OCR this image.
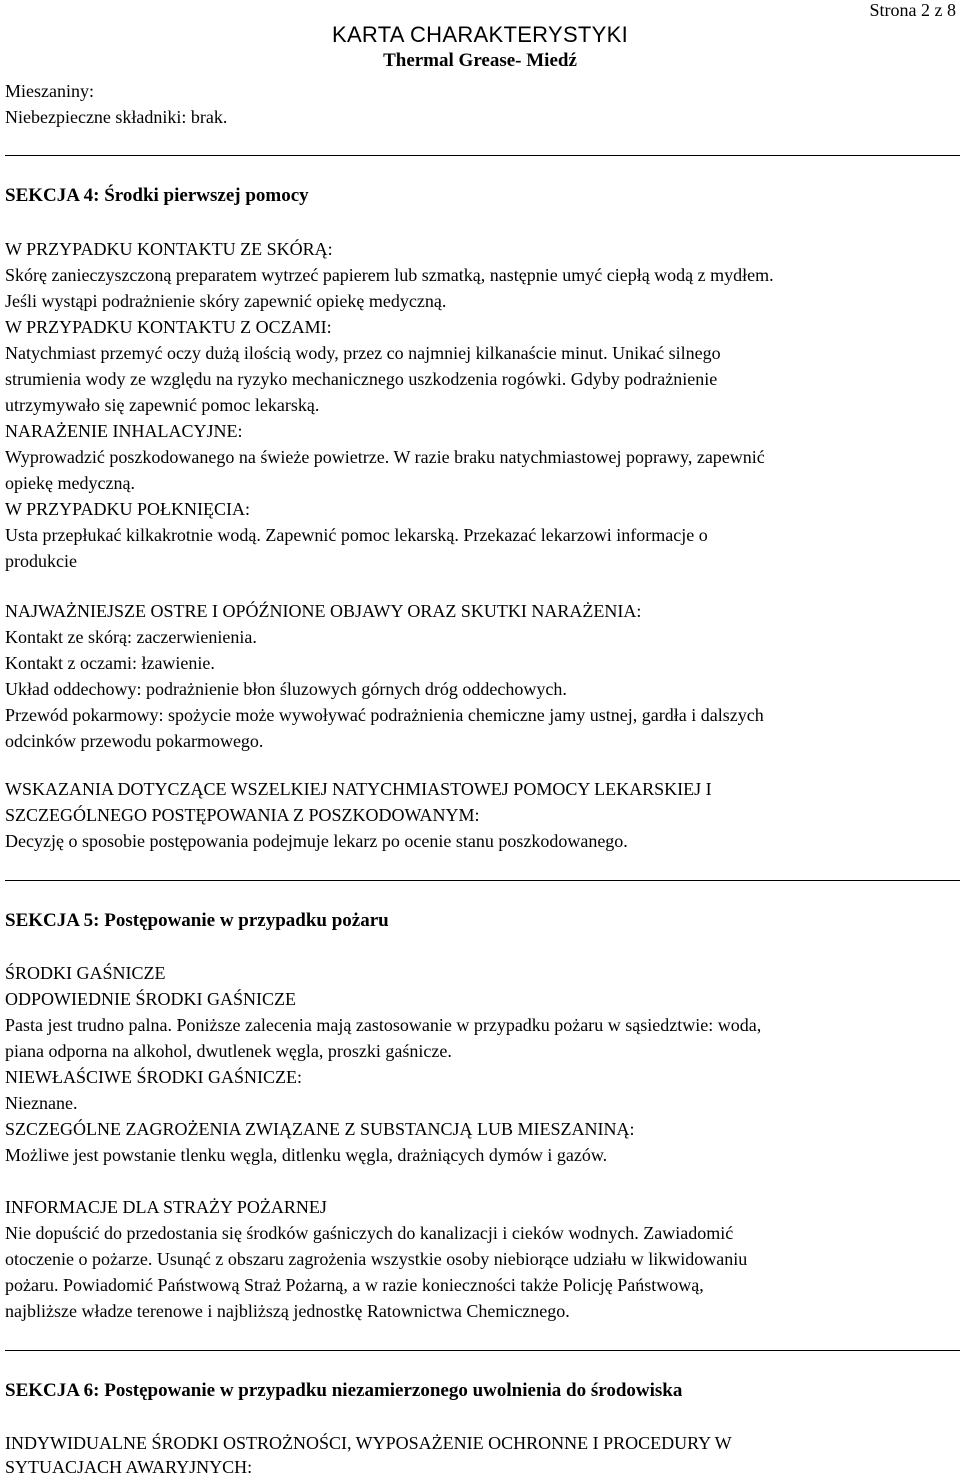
Strona 2 z 8
KARTA CHARAKTERYSTYKI
Thermal Grease- Miedź
Mieszaniny:
Niebezpieczne składniki: brak.
SEKCJA 4: Środki pierwszej pomocy
W PRZYPADKU KONTAKTU ZE SKÓRĄ:
Skórę zanieczyszczoną preparatem wytrzeć papierem lub szmatką, następnie umyć ciepłą wodą z mydłem.
Jeśli wystąpi podrażnienie skóry zapewnić opiekę medyczną.
W PRZYPADKU KONTAKTU Z OCZAMI:
Natychmiast przemyć oczy dużą ilością wody, przez co najmniej kilkanaście minut. Unikać silnego
strumienia wody ze względu na ryzyko mechanicznego uszkodzenia rogówki. Gdyby podrażnienie
utrzymywało się zapewnić pomoc lekarską.
NARAŻENIE INHALACYJNE:
Wyprowadzić poszkodowanego na świeże powietrze. W razie braku natychmiastowej poprawy, zapewnić
opiekę medyczną.
W PRZYPADKU POŁKNIĘCIA:
Usta przepłukać kilkakrotnie wodą. Zapewnić pomoc lekarską. Przekazać lekarzowi informacje o
produkcie
NAJWAŻNIEJSZE OSTRE I OPÓŹNIONE OBJAWY ORAZ SKUTKI NARAŻENIA:
Kontakt ze skórą: zaczerwienienia.
Kontakt z oczami: łzawienie.
Układ oddechowy: podrażnienie błon śluzowych górnych dróg oddechowych.
Przewód pokarmowy: spożycie może wywoływać podrażnienia chemiczne jamy ustnej, gardła i dalszych
odcinków przewodu pokarmowego.
WSKAZANIA DOTYCZĄCE WSZELKIEJ NATYCHMIASTOWEJ POMOCY LEKARSKIEJ I
SZCZEGÓLNEGO POSTĘPOWANIA Z POSZKODOWANYM:
Decyzję o sposobie postępowania podejmuje lekarz po ocenie stanu poszkodowanego.
SEKCJA 5: Postępowanie w przypadku pożaru
ŚRODKI GAŚNICZE
ODPOWIEDNIE ŚRODKI GAŚNICZE
Pasta jest trudno palna. Poniższe zalecenia mają zastosowanie w przypadku pożaru w sąsiedztwie: woda,
piana odporna na alkohol, dwutlenek węgla, proszki gaśnicze.
NIEWŁAŚCIWE ŚRODKI GAŚNICZE:
Nieznane.
SZCZEGÓLNE ZAGROŻENIA ZWIĄZANE Z SUBSTANCJĄ LUB MIESZANINĄ:
Możliwe jest powstanie tlenku węgla, ditlenku węgla, drażniących dymów i gazów.
INFORMACJE DLA STRAŻY POŻARNEJ
Nie dopuścić do przedostania się środków gaśniczych do kanalizacji i cieków wodnych. Zawiadomić
otoczenie o pożarze. Usunąć z obszaru zagrożenia wszystkie osoby niebiorące udziału w likwidowaniu
pożaru. Powiadomić Państwową Straż Pożarną, a w razie konieczności także Policję Państwową,
najbliższe władze terenowe i najbliższą jednostkę Ratownictwa Chemicznego.
SEKCJA 6: Postępowanie w przypadku niezamierzonego uwolnienia do środowiska
INDYWIDUALNE ŚRODKI OSTROŻNOŚCI, WYPOSAŻENIE OCHRONNE I PROCEDURY W
SYTUACJACH AWARYJNYCH:
